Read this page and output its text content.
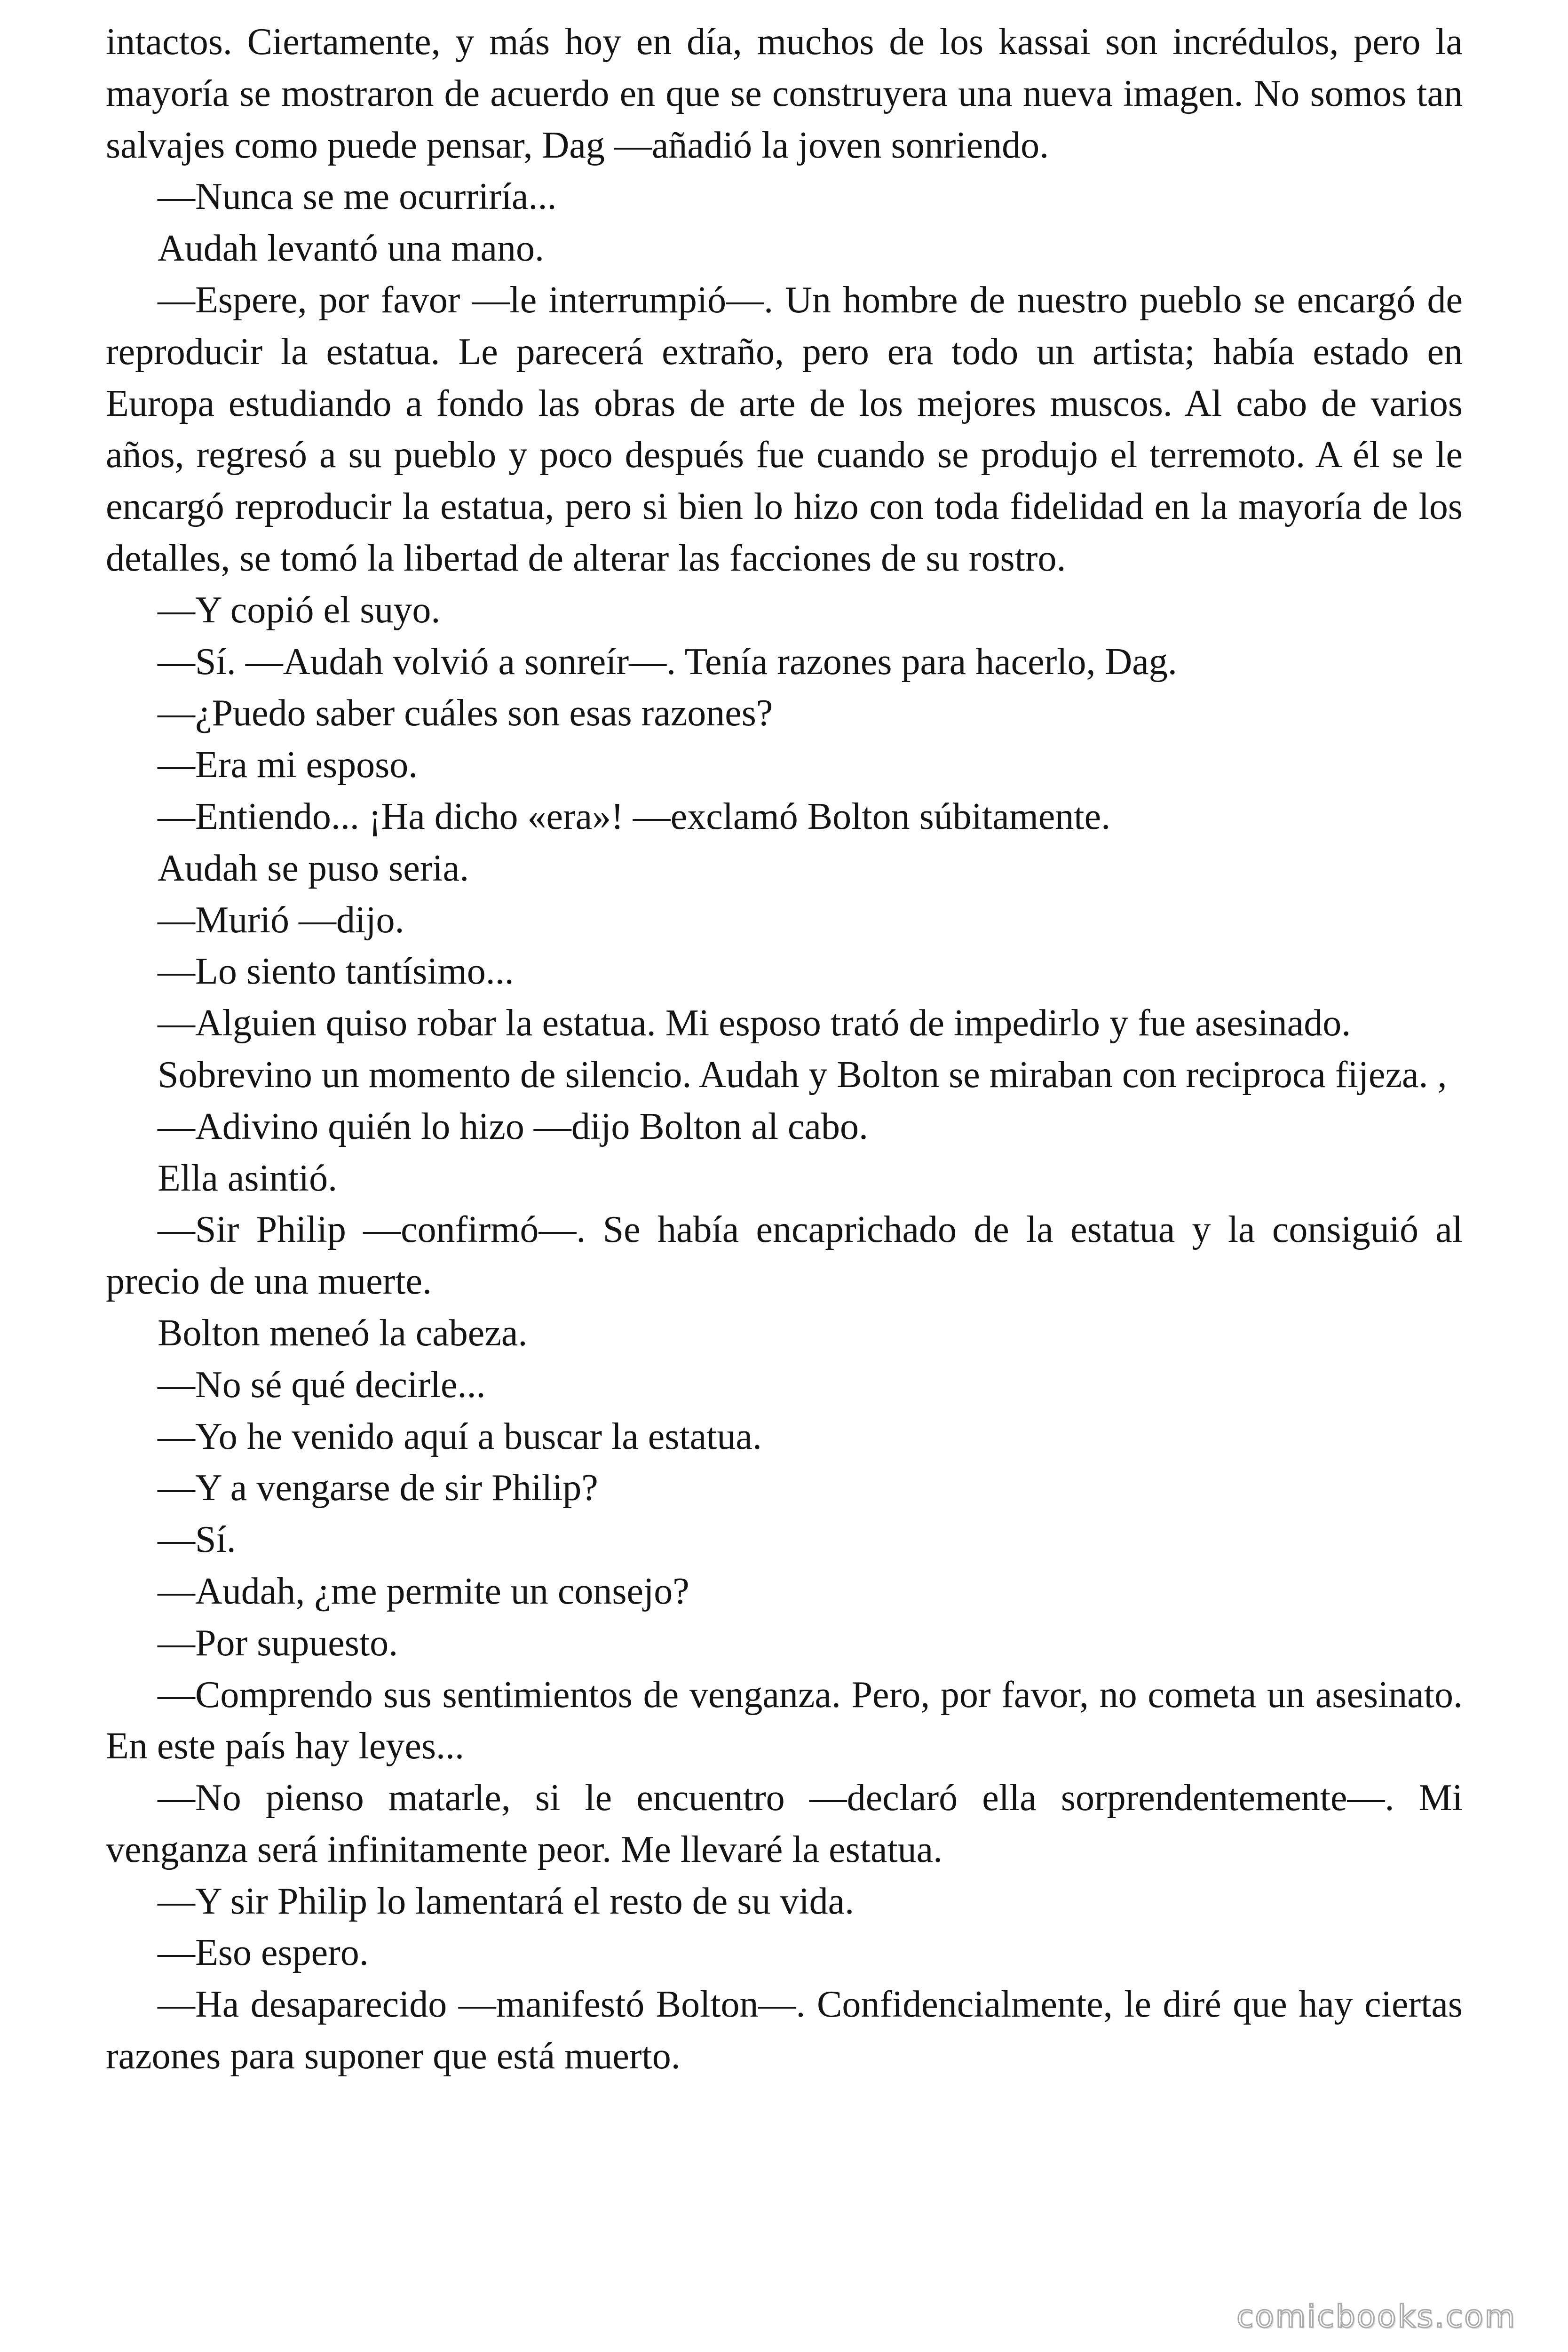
intactos. Ciertamente, y más hoy en día, muchos de los kassai son incrédulos, pero la mayoría se mostraron de acuerdo en que se construyera una nueva imagen. No somos tan salvajes como puede pensar, Dag —añadió la joven sonriendo.

—Nunca se me ocurriría...

Audah levantó una mano.

—Espere, por favor —le interrumpió—. Un hombre de nuestro pueblo se encargó de reproducir la estatua. Le parecerá extraño, pero era todo un artista; había estado en Europa estudiando a fondo las obras de arte de los mejores muscos. Al cabo de varios años, regresó a su pueblo y poco después fue cuando se produjo el terremoto. A él se le encargó reproducir la estatua, pero si bien lo hizo con toda fidelidad en la mayoría de los detalles, se tomó la libertad de alterar las facciones de su rostro.

—Y copió el suyo.

—Sí. —Audah volvió a sonreír—. Tenía razones para hacerlo, Dag.

—¿Puedo saber cuáles son esas razones?

—Era mi esposo.

—Entiendo... ¡Ha dicho «era»! —exclamó Bolton súbitamente.

Audah se puso seria.

—Murió —dijo.

—Lo siento tantísimo...

—Alguien quiso robar la estatua. Mi esposo trató de impedirlo y fue asesinado.

Sobrevino un momento de silencio. Audah y Bolton se miraban con reciproca fijeza. ,

—Adivino quién lo hizo —dijo Bolton al cabo.

Ella asintió.

—Sir Philip —confirmó—. Se había encaprichado de la estatua y la consiguió al precio de una muerte.

Bolton meneó la cabeza.

—No sé qué decirle...

—Yo he venido aquí a buscar la estatua.

—Y a vengarse de sir Philip?

—Sí.

—Audah, ¿me permite un consejo?

—Por supuesto.

—Comprendo sus sentimientos de venganza. Pero, por favor, no cometa un asesinato. En este país hay leyes...

—No pienso matarle, si le encuentro —declaró ella sorprendentemente—. Mi venganza será infinitamente peor. Me llevaré la estatua.

—Y sir Philip lo lamentará el resto de su vida.

—Eso espero.

—Ha desaparecido —manifestó Bolton—. Confidencialmente, le diré que hay ciertas razones para suponer que está muerto.

comicbooks.com
